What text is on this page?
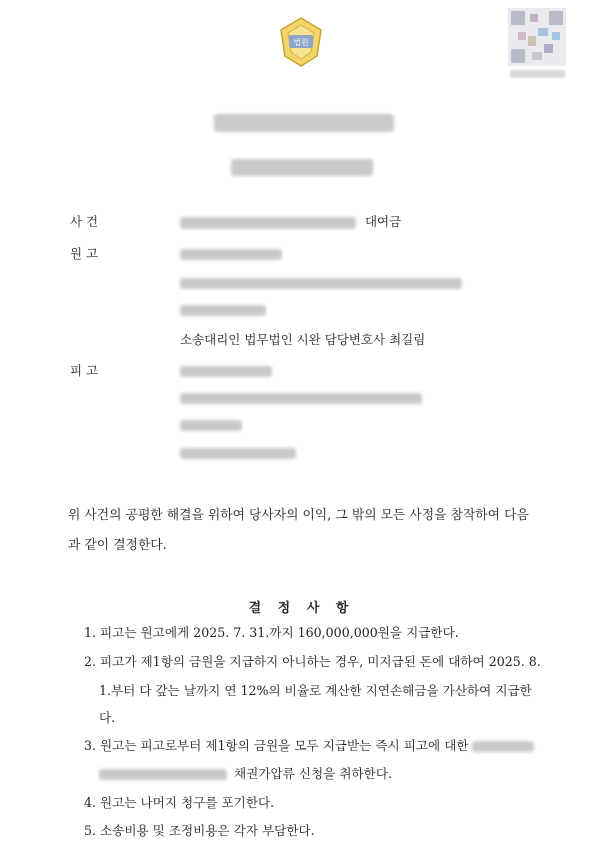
법원
사 건	대여금
원 고
소송대리인 법무법인 시완 담당변호사 최길림
피 고
위 사건의 공평한 해결을 위하여 당사자의 이익, 그 밖의 모든 사정을 참작하여 다음
과 같이 결정한다.
결 정 사 항
1. 피고는 원고에게 2025. 7. 31.까지 160,000,000원을 지급한다.
2. 피고가 제1항의 금원을 지급하지 아니하는 경우, 미지급된 돈에 대하여 2025. 8.
1.부터 다 갚는 날까지 연 12%의 비율로 계산한 지연손해금을 가산하여 지급한
다.
3. 원고는 피고로부터 제1항의 금원을 모두 지급받는 즉시 피고에 대한
채권가압류 신청을 취하한다.
4. 원고는 나머지 청구를 포기한다.
5. 소송비용 및 조정비용은 각자 부담한다.
